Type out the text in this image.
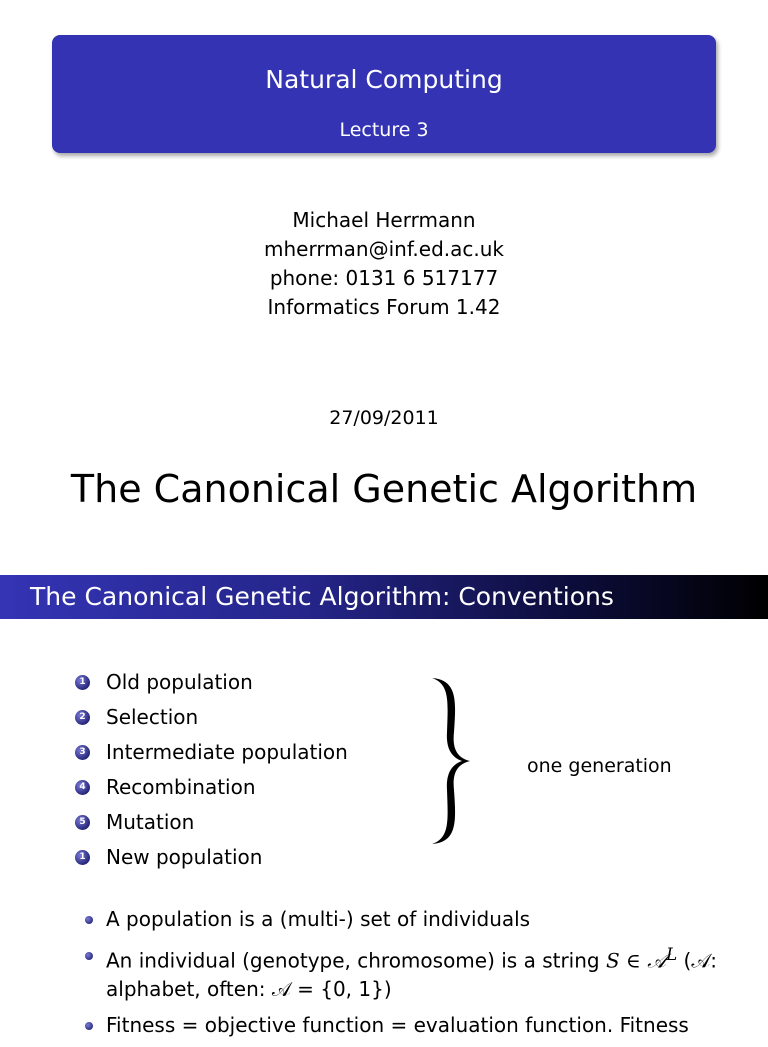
Natural Computing
Lecture 3
Michael Herrmann
mherrman@inf.ed.ac.uk
phone: 0131 6 517177
Informatics Forum 1.42
27/09/2011
The Canonical Genetic Algorithm
The Canonical Genetic Algorithm: Conventions
1 Old population
2 Selection
3 Intermediate population
4 Recombination
5 Mutation
1 New population
one generation
A population is a (multi-) set of individuals
An individual (genotype, chromosome) is a string S ∈ 𝒜$^L$ (𝒜: alphabet, often: 𝒜 = {0, 1})
Fitness = objective function = evaluation function. Fitness
